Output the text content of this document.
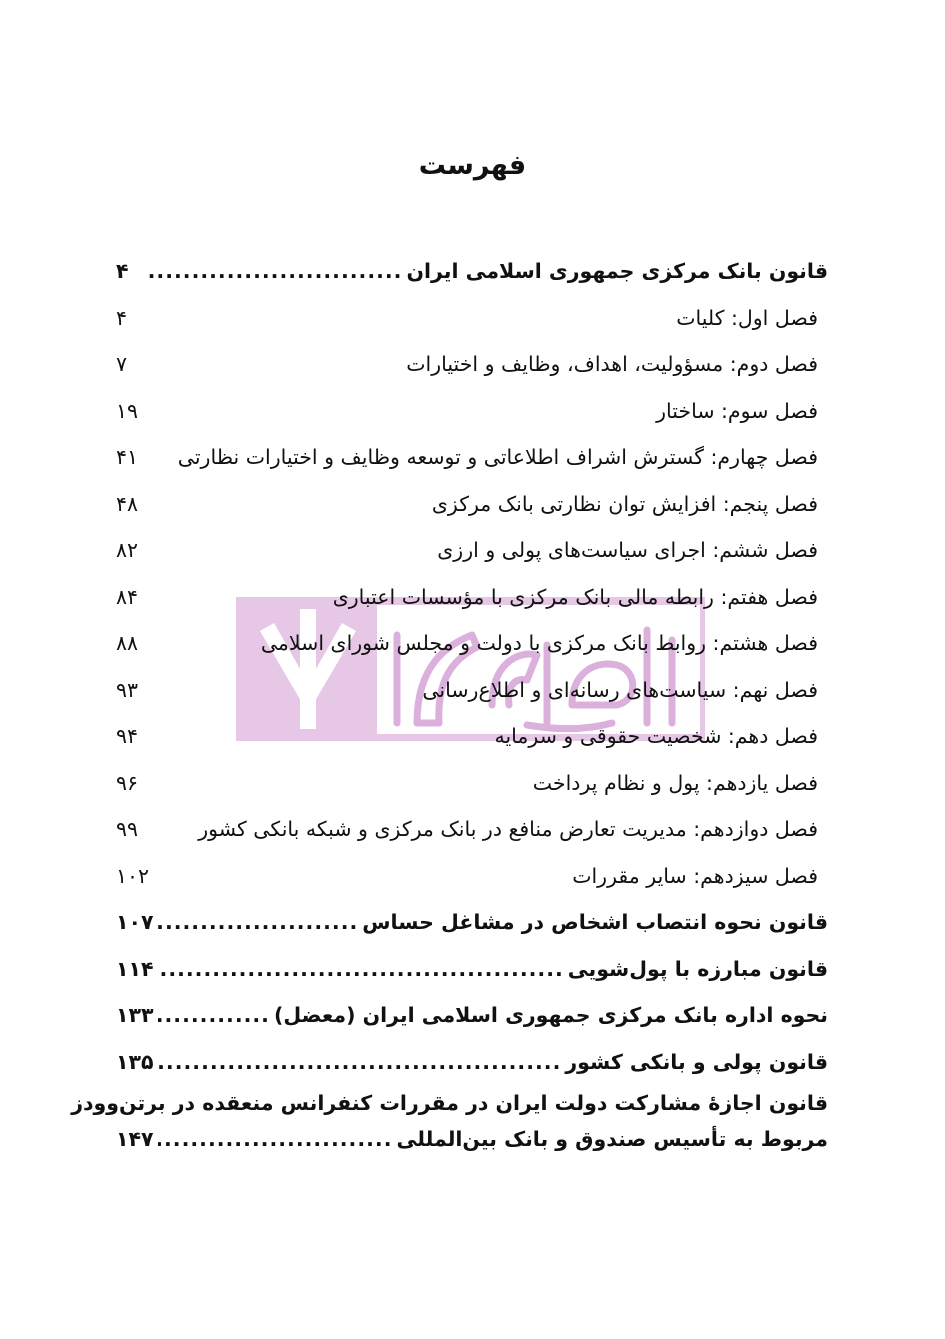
فهرست
قانون بانک مرکزی جمهوری اسلامی ایران
.....
۴
فصل اول: کلیات
۴
فصل دوم: مسؤولیت، اهداف، وظایف و اختیارات
۷
فصل سوم: ساختار
۱۹
فصل چهارم: گسترش اشراف اطلاعاتی و توسعه وظایف و اختیارات نظارتی
۴۱
فصل پنجم: افزایش توان نظارتی بانک مرکزی
۴۸
فصل ششم: اجرای سیاست‌های پولی و ارزی
۸۲
فصل هفتم: رابطه مالی بانک مرکزی با مؤسسات اعتباری
۸۴
فصل هشتم: روابط بانک مرکزی با دولت و مجلس شورای اسلامی
۸۸
فصل نهم: سیاست‌های رسانه‌ای و اطلاع‌رسانی
۹۳
فصل دهم: شخصیت حقوقی و سرمایه
۹۴
فصل یازدهم: پول و نظام پرداخت
۹۶
فصل دوازدهم: مدیریت تعارض منافع در بانک مرکزی و شبکه بانکی کشور
۹۹
فصل سیزدهم: سایر مقررات
۱۰۲
قانون نحوه انتصاب اشخاص در مشاغل حساس
.....
۱۰۷
قانون مبارزه با پول‌شویی
.....
۱۱۴
نحوه اداره بانک مرکزی جمهوری اسلامی ایران (معضل)
.....
۱۳۳
قانون پولی و بانکی کشور
.....
۱۳۵
قانون اجازۀ مشارکت دولت ایران در مقررات کنفرانس منعقده در برتن‌وودز
مربوط به تأسیس صندوق و بانک بین‌المللی
.....
۱۴۷
